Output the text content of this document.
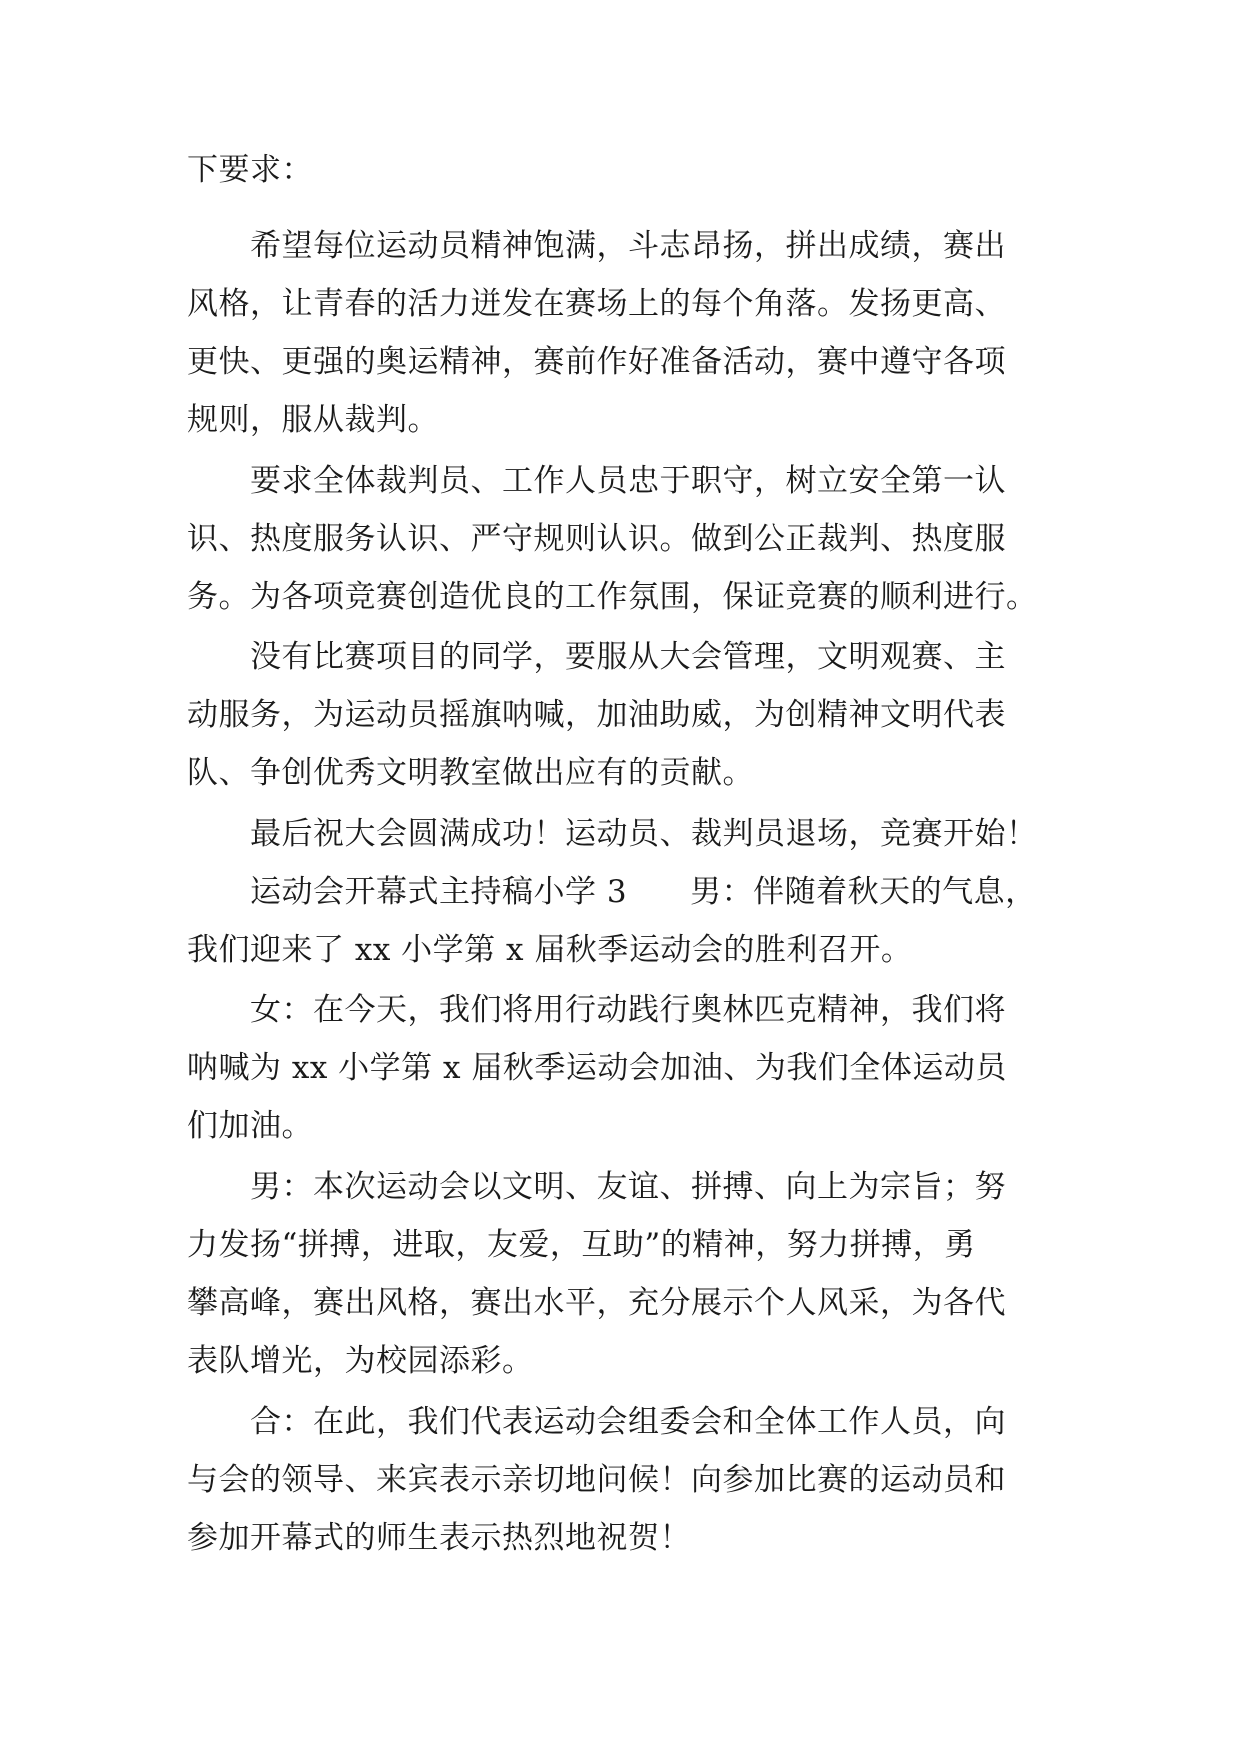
下要求：
希望每位运动员精神饱满，斗志昂扬，拼出成绩，赛出
风格，让青春的活力迸发在赛场上的每个角落。发扬更高、
更快、更强的奥运精神，赛前作好准备活动，赛中遵守各项
规则，服从裁判。
要求全体裁判员、工作人员忠于职守，树立安全第一认
识、热度服务认识、严守规则认识。做到公正裁判、热度服
务。为各项竞赛创造优良的工作氛围，保证竞赛的顺利进行。
没有比赛项目的同学，要服从大会管理，文明观赛、主
动服务，为运动员摇旗呐喊，加油助威，为创精神文明代表
队、争创优秀文明教室做出应有的贡献。
最后祝大会圆满成功！运动员、裁判员退场，竞赛开始！
运动会开幕式主持稿小学 3　　男：伴随着秋天的气息，
我们迎来了 xx 小学第 x 届秋季运动会的胜利召开。
女：在今天，我们将用行动践行奥林匹克精神，我们将
呐喊为 xx 小学第 x 届秋季运动会加油、为我们全体运动员
们加油。
男：本次运动会以文明、友谊、拼搏、向上为宗旨；努
力发扬“拼搏，进取，友爱，互助”的精神，努力拼搏，勇
攀高峰，赛出风格，赛出水平，充分展示个人风采，为各代
表队增光，为校园添彩。
合：在此，我们代表运动会组委会和全体工作人员，向
与会的领导、来宾表示亲切地问候！向参加比赛的运动员和
参加开幕式的师生表示热烈地祝贺！
